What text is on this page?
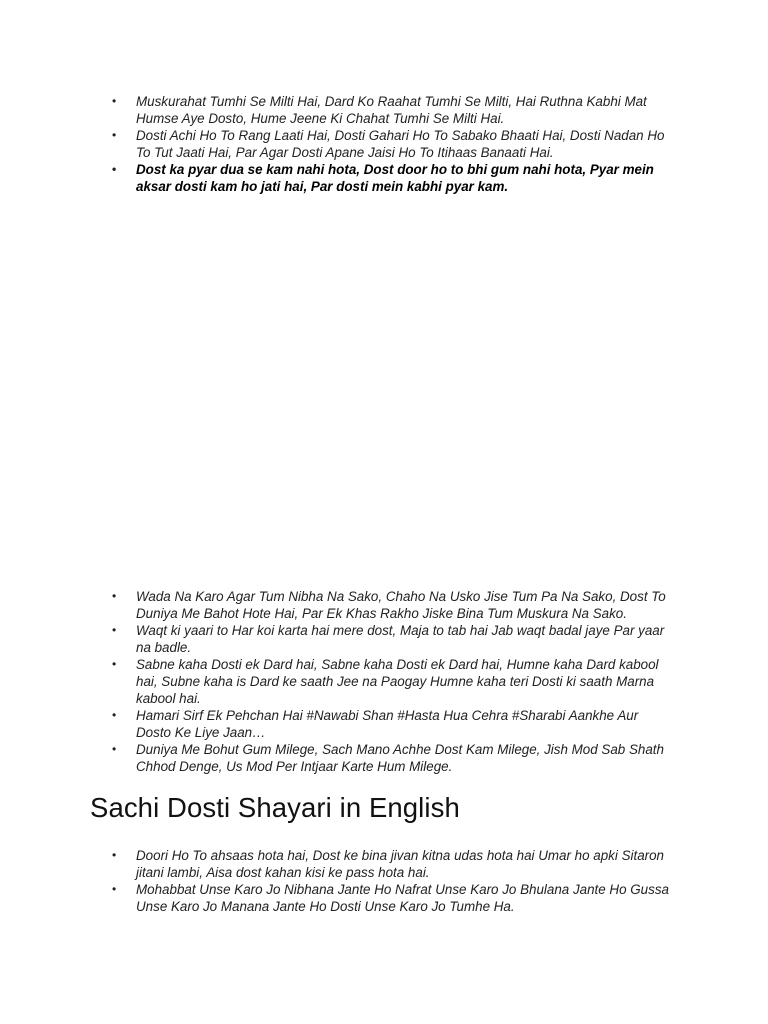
• Muskurahat Tumhi Se Milti Hai, Dard Ko Raahat Tumhi Se Milti, Hai Ruthna Kabhi Mat Humse Aye Dosto, Hume Jeene Ki Chahat Tumhi Se Milti Hai.
• Dosti Achi Ho To Rang Laati Hai, Dosti Gahari Ho To Sabako Bhaati Hai, Dosti Nadan Ho To Tut Jaati Hai, Par Agar Dosti Apane Jaisi Ho To Itihaas Banaati Hai.
• Dost ka pyar dua se kam nahi hota, Dost door ho to bhi gum nahi hota, Pyar mein aksar dosti kam ho jati hai, Par dosti mein kabhi pyar kam.
• Wada Na Karo Agar Tum Nibha Na Sako, Chaho Na Usko Jise Tum Pa Na Sako, Dost To Duniya Me Bahot Hote Hai, Par Ek Khas Rakho Jiske Bina Tum Muskura Na Sako.
• Waqt ki yaari to Har koi karta hai mere dost, Maja to tab hai Jab waqt badal jaye Par yaar na badle.
• Sabne kaha Dosti ek Dard hai, Sabne kaha Dosti ek Dard hai, Humne kaha Dard kabool hai, Subne kaha is Dard ke saath Jee na Paogay Humne kaha teri Dosti ki saath Marna kabool hai.
• Hamari Sirf Ek Pehchan Hai #Nawabi Shan #Hasta Hua Cehra #Sharabi Aankhe Aur Dosto Ke Liye Jaan…
• Duniya Me Bohut Gum Milege, Sach Mano Achhe Dost Kam Milege, Jish Mod Sab Shath Chhod Denge, Us Mod Per Intjaar Karte Hum Milege.
Sachi Dosti Shayari in English
• Doori Ho To ahsaas hota hai, Dost ke bina jivan kitna udas hota hai Umar ho apki Sitaron jitani lambi, Aisa dost kahan kisi ke pass hota hai.
• Mohabbat Unse Karo Jo Nibhana Jante Ho Nafrat Unse Karo Jo Bhulana Jante Ho Gussa Unse Karo Jo Manana Jante Ho Dosti Unse Karo Jo Tumhe Ha.
